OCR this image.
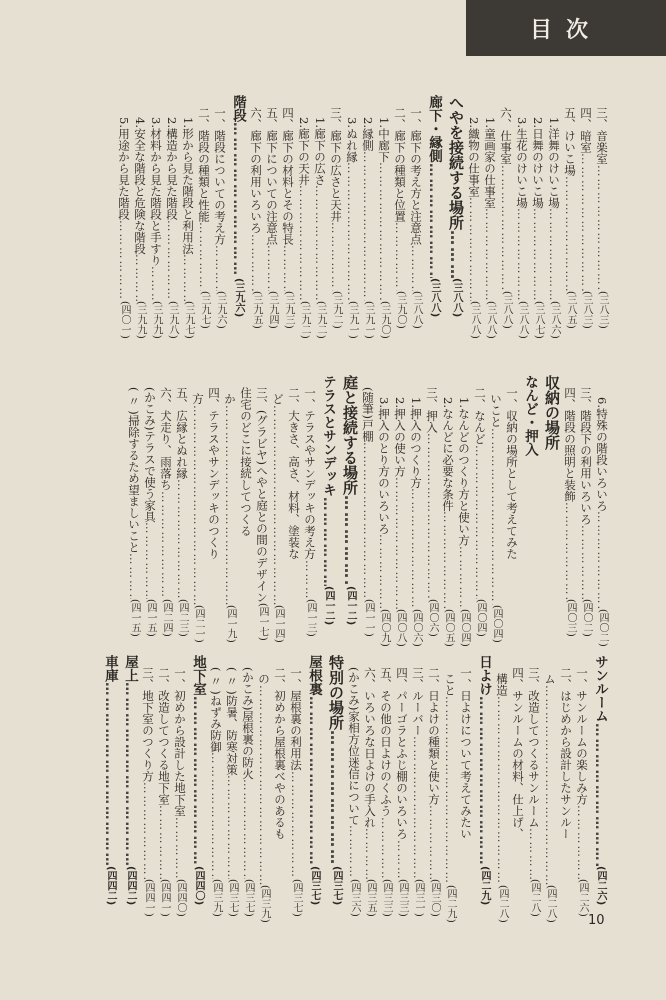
目次
三、音楽室
……………………………………………………………………………………………………………………
(三八三)
四、暗室
……………………………………………………………………………………………………………………
(三八三)
五、けいこ場
……………………………………………………………………………………………………………………
(三八五)
1.洋舞のけいこ場
……………………………………………………………………………………………………………………
(三八六)
2.日舞のけいこ場
……………………………………………………………………………………………………………………
(三八七)
3.生花のけいこ場
……………………………………………………………………………………………………………………
(三八八)
六、仕事室
……………………………………………………………………………………………………………………
(三八八)
1.童画家の仕事室
……………………………………………………………………………………………………………………
(三八八)
2.織物の仕事室
……………………………………………………………………………………………………………………
(三八八)
へやを接続する場所
……………………………………………………………………………………………………………………
(三八八)
廊下・縁側
……………………………………………………………………………………………………………………
(三八八)
一、廊下の考え方と注意点
……………………………………………………………………………………………………………………
(三八八)
二、廊下の種類と位置
……………………………………………………………………………………………………………………
(三九〇)
1.中廊下
……………………………………………………………………………………………………………………
(三九〇)
2.縁側
……………………………………………………………………………………………………………………
(三九一)
3.ぬれ縁
……………………………………………………………………………………………………………………
(三九一)
三、廊下の広さと天井
……………………………………………………………………………………………………………………
(三九二)
1.廊下の広さ
……………………………………………………………………………………………………………………
(三九二)
2.廊下の天井
……………………………………………………………………………………………………………………
(三九二)
四、廊下の材料とその特長
……………………………………………………………………………………………………………………
(三九三)
五、廊下についての注意点
……………………………………………………………………………………………………………………
(三九四)
六、廊下の利用いろいろ
……………………………………………………………………………………………………………………
(三九五)
階段
……………………………………………………………………………………………………………………
(三九六)
一、階段についての考え方
……………………………………………………………………………………………………………………
(三九六)
二、階段の種類と性能
……………………………………………………………………………………………………………………
(三九七)
1.形から見た階段と利用法
……………………………………………………………………………………………………………………
(三九七)
2.構造から見た階段
……………………………………………………………………………………………………………………
(三九八)
3.材料から見た階段と手すり
……………………………………………………………………………………………………………………
(三九九)
4.安全な階段と危険な階段
……………………………………………………………………………………………………………………
(三九九)
5.用途から見た階段
……………………………………………………………………………………………………………………
(四〇一)
6.特殊の階段いろいろ
……………………………………………………………………………………………………………………
(四〇二)
三、階段下の利用いろいろ
……………………………………………………………………………………………………………………
(四〇二)
四、階段の照明と装飾
……………………………………………………………………………………………………………………
(四〇三)
収納の場所
なんど・押入
一、収納の場所として考えてみた
いこと
……………………………………………………………………………………………………………………
(四〇四)
二、なんど
……………………………………………………………………………………………………………………
(四〇四)
1.なんどのつくり方と使い方
……………………………………………………………………………………………………………………
(四〇四)
2.なんどに必要な条件
……………………………………………………………………………………………………………………
(四〇五)
三、押入
……………………………………………………………………………………………………………………
(四〇六)
1.押入のつくり方
……………………………………………………………………………………………………………………
(四〇六)
2.押入の使い方
……………………………………………………………………………………………………………………
(四〇八)
3.押入のとり方のいろいろ
……………………………………………………………………………………………………………………
(四〇九)
(随筆)戸棚
……………………………………………………………………………………………………………………
(四一一)
庭と接続する場所
……………………………………………………………………………………………………………………
(四一二)
テラスとサンデッキ
……………………………………………………………………………………………………………………
(四一二)
一、テラスやサンデッキの考え方
……………………………………………………………………………………………………………………
(四一三)
二、大きさ、高さ、材料、塗装な
ど
……………………………………………………………………………………………………………………
(四一四)
三、(グラビヤ)へやと庭との間のデザイン
(四一七)
住宅のどこに接続してつくる
か
……………………………………………………………………………………………………………………
(四一九)
四、テラスやサンデッキのつくり
方
……………………………………………………………………………………………………………………
(四二一)
五、広縁とぬれ縁
……………………………………………………………………………………………………………………
(四二三)
六、犬走り、雨落ち
……………………………………………………………………………………………………………………
(四二四)
(かこみ)テラスで使う家具
……………………………………………………………………………………………………………………
(四一五)
( 〃 )掃除するため望ましいこと
……………………………………………………………………………………………………………………
(四一五)
サンルーム
……………………………………………………………………………………………………………………
(四二六)
一、サンルームの楽しみ方
……………………………………………………………………………………………………………………
(四二六)
二、はじめから設計したサンルー
ム
……………………………………………………………………………………………………………………
(四二八)
三、改造してつくるサンルーム
……………………………………………………………………………………………………………………
(四二八)
四、サンルームの材料、仕上げ、
構造
……………………………………………………………………………………………………………………
(四二八)
日よけ
……………………………………………………………………………………………………………………
(四二九)
一、日よけについて考えてみたい
こと
……………………………………………………………………………………………………………………
(四二九)
二、日よけの種類と使い方
……………………………………………………………………………………………………………………
(四三〇)
三、ルーバー
……………………………………………………………………………………………………………………
(四三一)
四、パーゴラとふじ棚のいろいろ
……………………………………………………………………………………………………………………
(四三三)
五、その他の日よけのくふう
……………………………………………………………………………………………………………………
(四三三)
六、いろいろな日よけの手入れ
……………………………………………………………………………………………………………………
(四三五)
(かこみ)家相方位迷信について
……………………………………………………………………………………………………………………
(四三六)
特別の場所
……………………………………………………………………………………………………………………
(四三七)
屋根裏
……………………………………………………………………………………………………………………
(四三七)
一、屋根裏の利用法
……………………………………………………………………………………………………………………
(四三七)
二、初めから屋根裏べやのあるも
の
……………………………………………………………………………………………………………………
(四三九)
(かこみ)屋根裏の防火
……………………………………………………………………………………………………………………
(四三七)
( 〃 )防暑、防寒対策
……………………………………………………………………………………………………………………
(四三七)
( 〃 )ねずみ防御
……………………………………………………………………………………………………………………
(四三九)
地下室
……………………………………………………………………………………………………………………
(四四〇)
一、初めから設計した地下室
……………………………………………………………………………………………………………………
(四四〇)
二、改造してつくる地下室
……………………………………………………………………………………………………………………
(四四一)
三、地下室のつくり方
……………………………………………………………………………………………………………………
(四四一)
屋上
……………………………………………………………………………………………………………………
(四四二)
車庫
……………………………………………………………………………………………………………………
(四四二)
10
